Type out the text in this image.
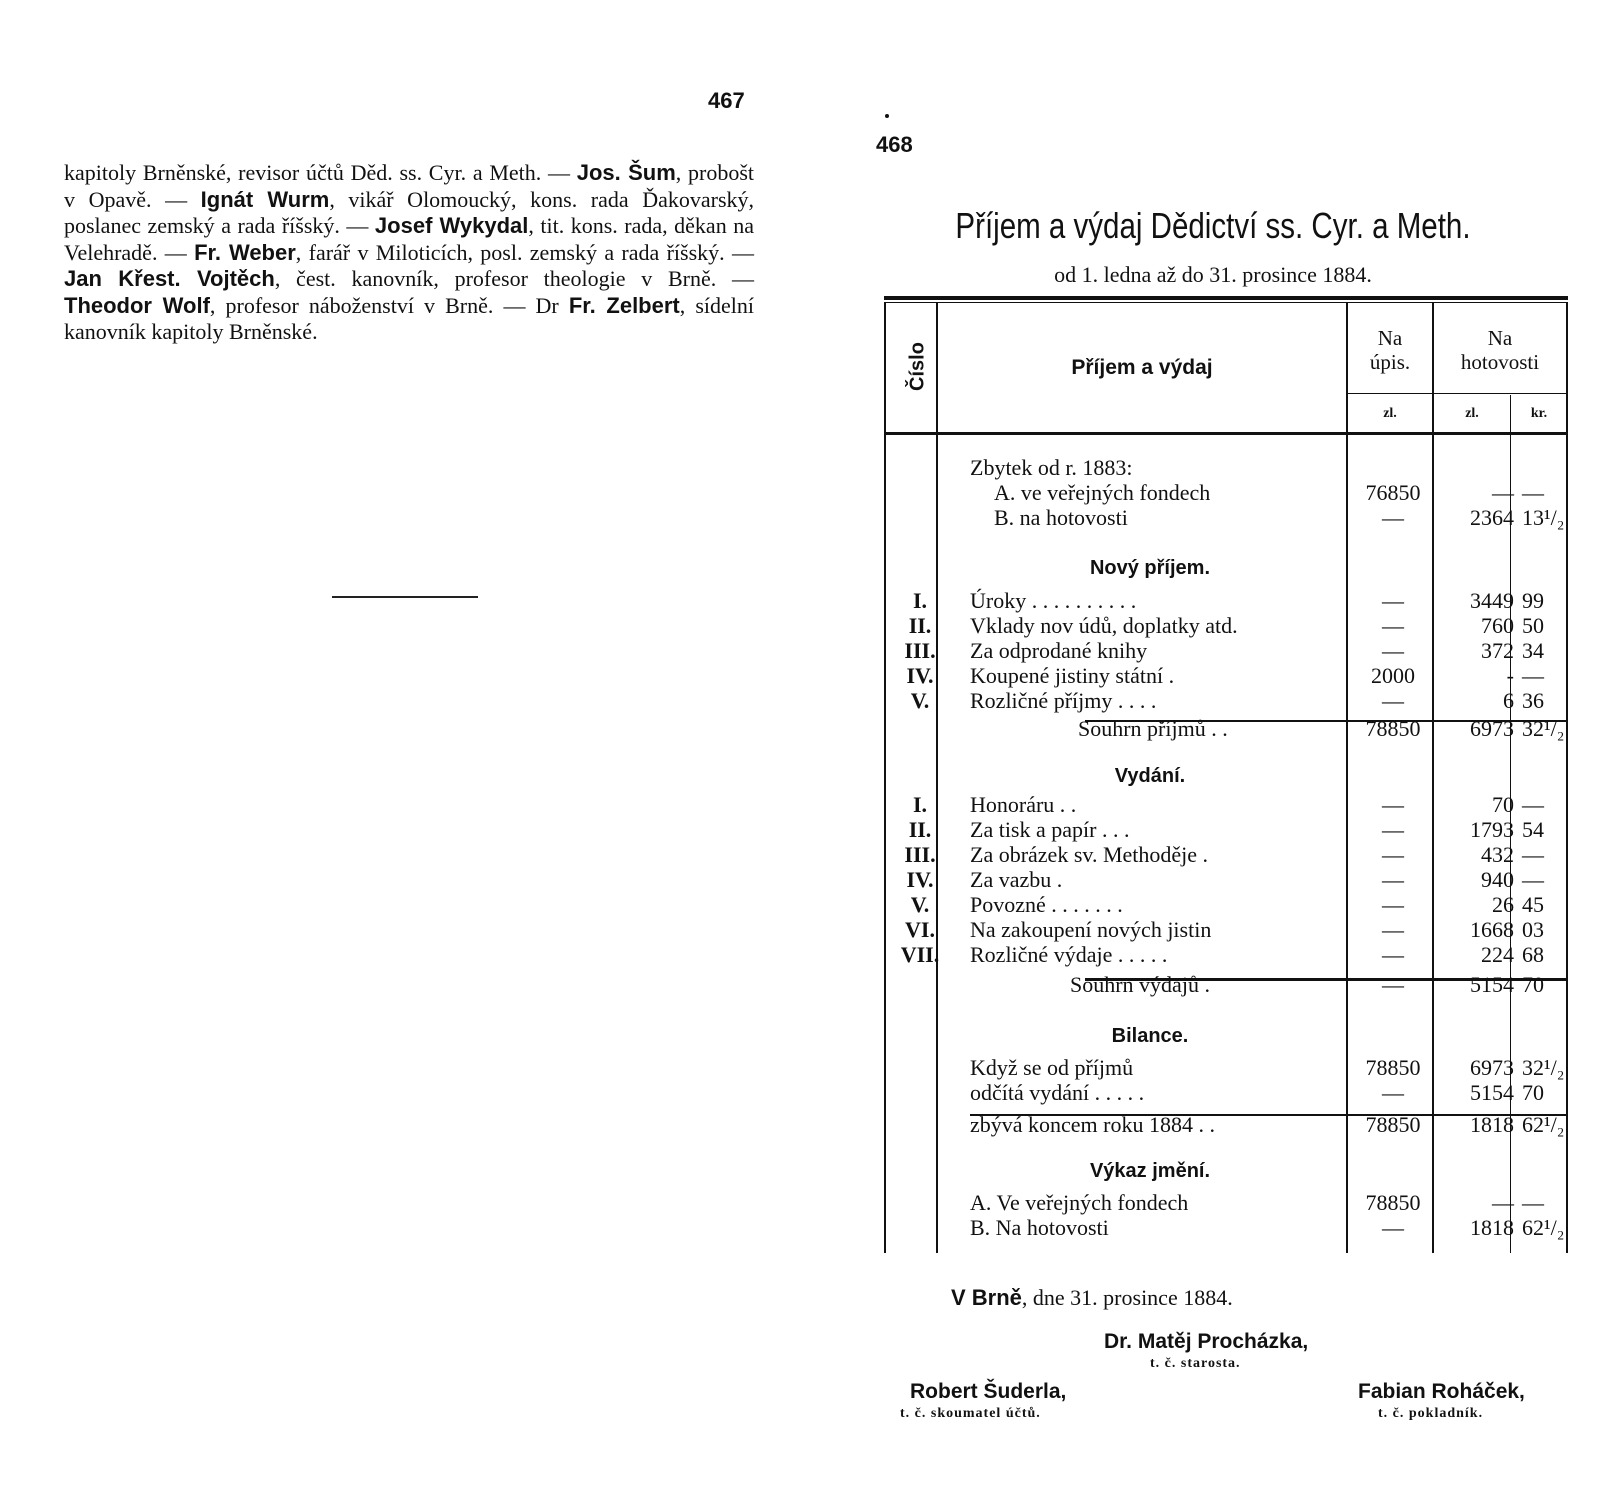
467
kapitoly Brněnské, revisor účtů Děd. ss. Cyr. a Meth. — Jos. Šum, probošt v Opavě. — Ignát Wurm, vikář Olomoucký, kons. rada Ďakovarský, poslanec zemský a rada říšský. — Josef Wykydal, tit. kons. rada, děkan na Velehradě. — Fr. Weber, farář v Miloticích, posl. zemský a rada říšský. — Jan Křest. Vojtěch, čest. kanovník, profesor theologie v Brně. — Theodor Wolf, profesor náboženství v Brně. — Dr Fr. Zelbert, sídelní kanovník kapitoly Brněnské.
468
Příjem a výdaj Dědictví ss. Cyr. a Meth.
od 1. ledna až do 31. prosince 1884.
Číslo	Příjem a výdaj
Na
úpis.
Na
hotovosti
zl.	zl.	kr.
Zbytek od r. 1883:
A. ve veřejných fondech	76850	— —
B. na hotovosti	—	2364 13¹/₂
I.	Úroky . . . . . . . . . .	—	3449 99
II.	Vklady nov údů, doplatky atd.	—	760 50
III. Za odprodané knihy	—	372 34
IV.	Koupené jistiny státní .	2000	- —
V.	Rozličné příjmy . . . .	—	6 36
Souhrn příjmů . .	78850	6973 32¹/₂
I.	Honoráru . .	—	70 —
II.	Za tisk a papír . . .	—	1793 54
III. Za obrázek sv. Methoděje .	—	432 —
IV.	Za vazbu .	—	940 —
V.	Povozné . . . . . . .	—	26 45
VI.	Na zakoupení nových jistin	—	1668 03
VII. Rozličné výdaje . . . . .	—	224 68
Souhrn výdajů .	—	5154 70
Když se od příjmů	78850	6973 32¹/₂
odčítá vydání . . . . .	—	5154 70
zbývá koncem roku 1884 . .	78850	1818 62¹/₂
A. Ve veřejných fondech	78850	— —
B. Na hotovosti	—	1818 62¹/₂
Nový příjem.
Vydání.
Bilance.
Výkaz jmění.
V Brně, dne 31. prosince 1884.
Dr. Matěj Procházka,
t. č. starosta.
Robert Šuderla,
t. č. skoumatel účtů.
Fabian Roháček,
t. č. pokladník.
